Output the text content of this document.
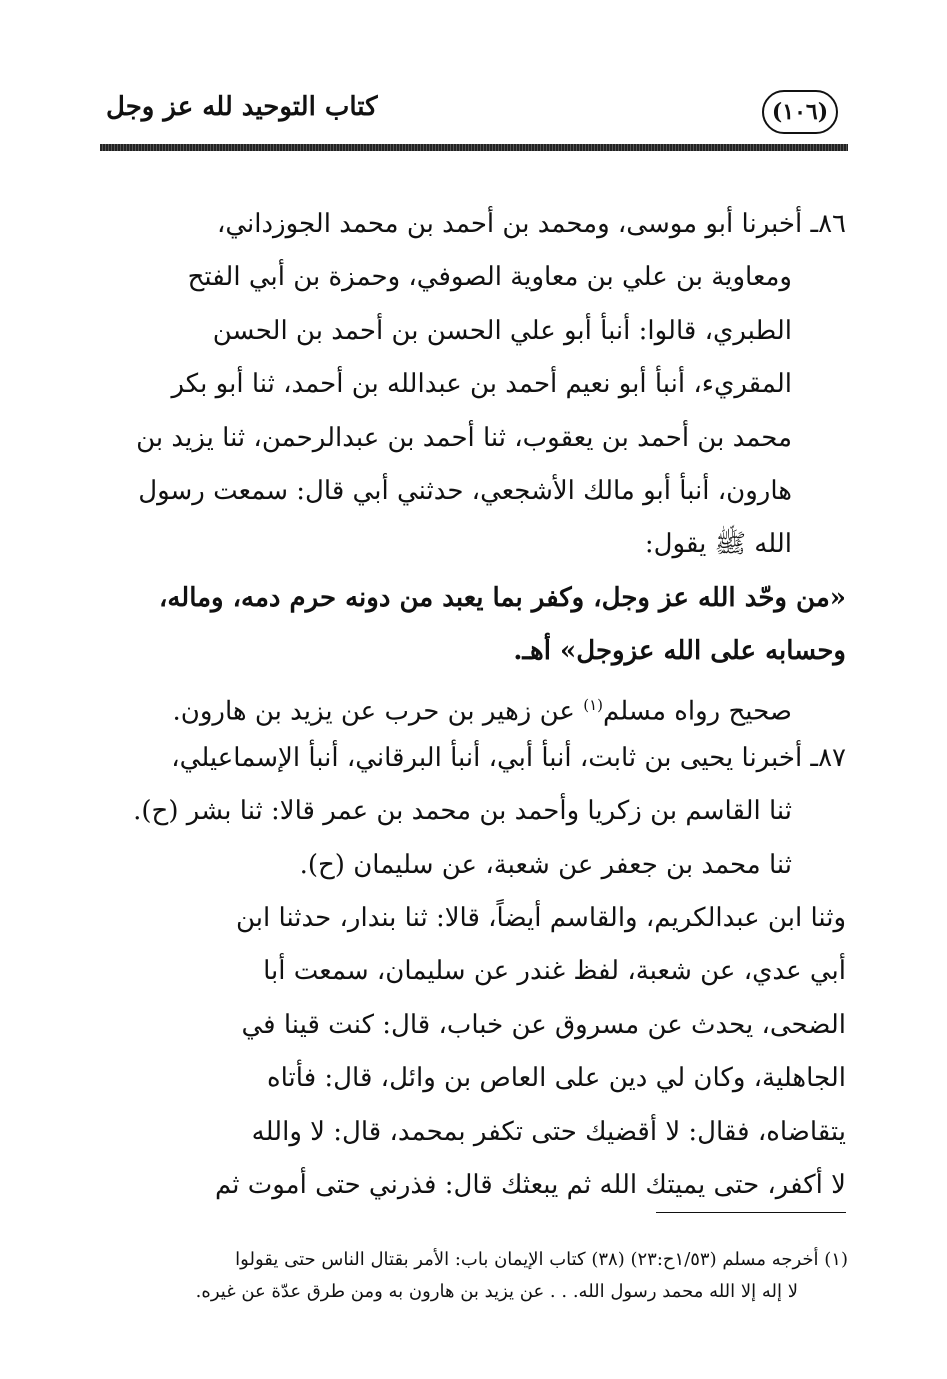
(١٠٦)
كتاب التوحيد لله عز وجل
٨٦ـ أخبرنا أبو موسى، ومحمد بن أحمد بن محمد الجوزداني،
ومعاوية بن علي بن معاوية الصوفي، وحمزة بن أبي الفتح
الطبري، قالوا: أنبأ أبو علي الحسن بن أحمد بن الحسن
المقريء، أنبأ أبو نعيم أحمد بن عبدالله بن أحمد، ثنا أبو بكر
محمد بن أحمد بن يعقوب، ثنا أحمد بن عبدالرحمن، ثنا يزيد بن
هارون، أنبأ أبو مالك الأشجعي، حدثني أبي قال: سمعت رسول
الله ﷺ يقول:
«من وحّد الله عز وجل، وكفر بما يعبد من دونه حرم دمه، وماله،
وحسابه على الله عزوجل» أهـ.
صحيح رواه مسلم$^{(١)}$ عن زهير بن حرب عن يزيد بن هارون.
٨٧ـ أخبرنا يحيى بن ثابت، أنبأ أبي، أنبأ البرقاني، أنبأ الإسماعيلي،
ثنا القاسم بن زكريا وأحمد بن محمد بن عمر قالا: ثنا بشر (ح).
ثنا محمد بن جعفر عن شعبة، عن سليمان (ح).
وثنا ابن عبدالكريم، والقاسم أيضاً، قالا: ثنا بندار، حدثنا ابن
أبي عدي، عن شعبة، لفظ غندر عن سليمان، سمعت أبا
الضحى، يحدث عن مسروق عن خباب، قال: كنت قينا في
الجاهلية، وكان لي دين على العاص بن وائل، قال: فأتاه
يتقاضاه، فقال: لا أقضيك حتى تكفر بمحمد، قال: لا والله
لا أكفر، حتى يميتك الله ثم يبعثك قال: فذرني حتى أموت ثم
(١) أخرجه مسلم (١/٥٣ح:٢٣) (٣٨) كتاب الإيمان باب: الأمر بقتال الناس حتى يقولوا
لا إله إلا الله محمد رسول الله. . . عن يزيد بن هارون به ومن طرق عدّة عن غيره.
